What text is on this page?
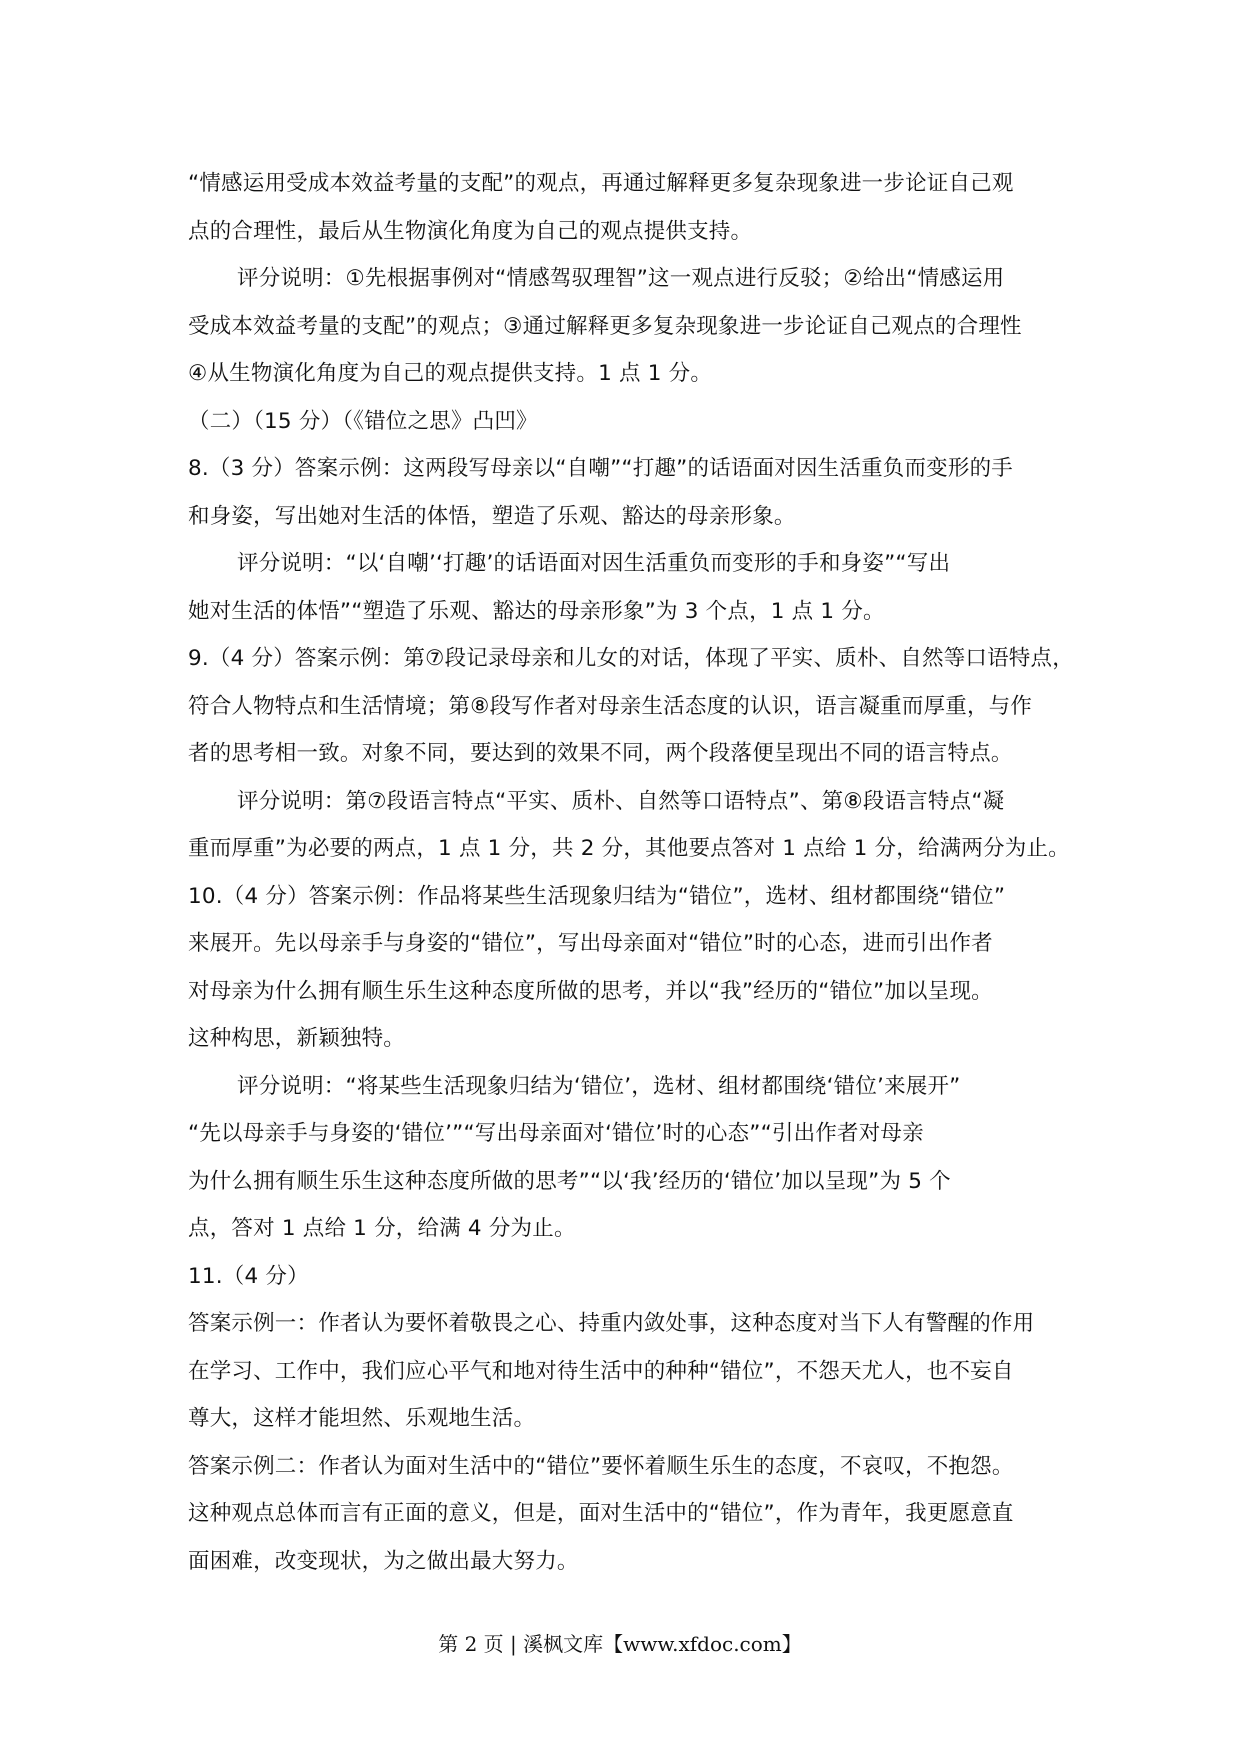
“情感运用受成本效益考量的支配”的观点，再通过解释更多复杂现象进一步论证自己观
点的合理性，最后从生物演化角度为自己的观点提供支持。
评分说明：①先根据事例对“情感驾驭理智”这一观点进行反驳；②给出“情感运用
受成本效益考量的支配”的观点；③通过解释更多复杂现象进一步论证自己观点的合理性
④从生物演化角度为自己的观点提供支持。1 点 1 分。
（二）（15 分）（《错位之思》凸凹》
8.（3 分）答案示例：这两段写母亲以“自嘲”“打趣”的话语面对因生活重负而变形的手
和身姿，写出她对生活的体悟，塑造了乐观、豁达的母亲形象。
评分说明：“以‘自嘲’‘打趣’的话语面对因生活重负而变形的手和身姿”“写出
她对生活的体悟”“塑造了乐观、豁达的母亲形象”为 3 个点，1 点 1 分。
9.（4 分）答案示例：第⑦段记录母亲和儿女的对话，体现了平实、质朴、自然等口语特点，
符合人物特点和生活情境；第⑧段写作者对母亲生活态度的认识，语言凝重而厚重，与作
者的思考相一致。对象不同，要达到的效果不同，两个段落便呈现出不同的语言特点。
评分说明：第⑦段语言特点“平实、质朴、自然等口语特点”、第⑧段语言特点“凝
重而厚重”为必要的两点，1 点 1 分，共 2 分，其他要点答对 1 点给 1 分，给满两分为止。
10.（4 分）答案示例：作品将某些生活现象归结为“错位”，选材、组材都围绕“错位”
来展开。先以母亲手与身姿的“错位”，写出母亲面对“错位”时的心态，进而引出作者
对母亲为什么拥有顺生乐生这种态度所做的思考，并以“我”经历的“错位”加以呈现。
这种构思，新颖独特。
评分说明：“将某些生活现象归结为‘错位’，选材、组材都围绕‘错位’来展开”
“先以母亲手与身姿的‘错位’”“写出母亲面对‘错位’时的心态”“引出作者对母亲
为什么拥有顺生乐生这种态度所做的思考”“以‘我’经历的‘错位’加以呈现”为 5 个
点，答对 1 点给 1 分，给满 4 分为止。
11.（4 分）
答案示例一：作者认为要怀着敬畏之心、持重内敛处事，这种态度对当下人有警醒的作用
在学习、工作中，我们应心平气和地对待生活中的种种“错位”，不怨天尤人，也不妄自
尊大，这样才能坦然、乐观地生活。
答案示例二：作者认为面对生活中的“错位”要怀着顺生乐生的态度，不哀叹，不抱怨。
这种观点总体而言有正面的意义，但是，面对生活中的“错位”，作为青年，我更愿意直
面困难，改变现状，为之做出最大努力。
第 2 页 | 溪枫文库【www.xfdoc.com】
